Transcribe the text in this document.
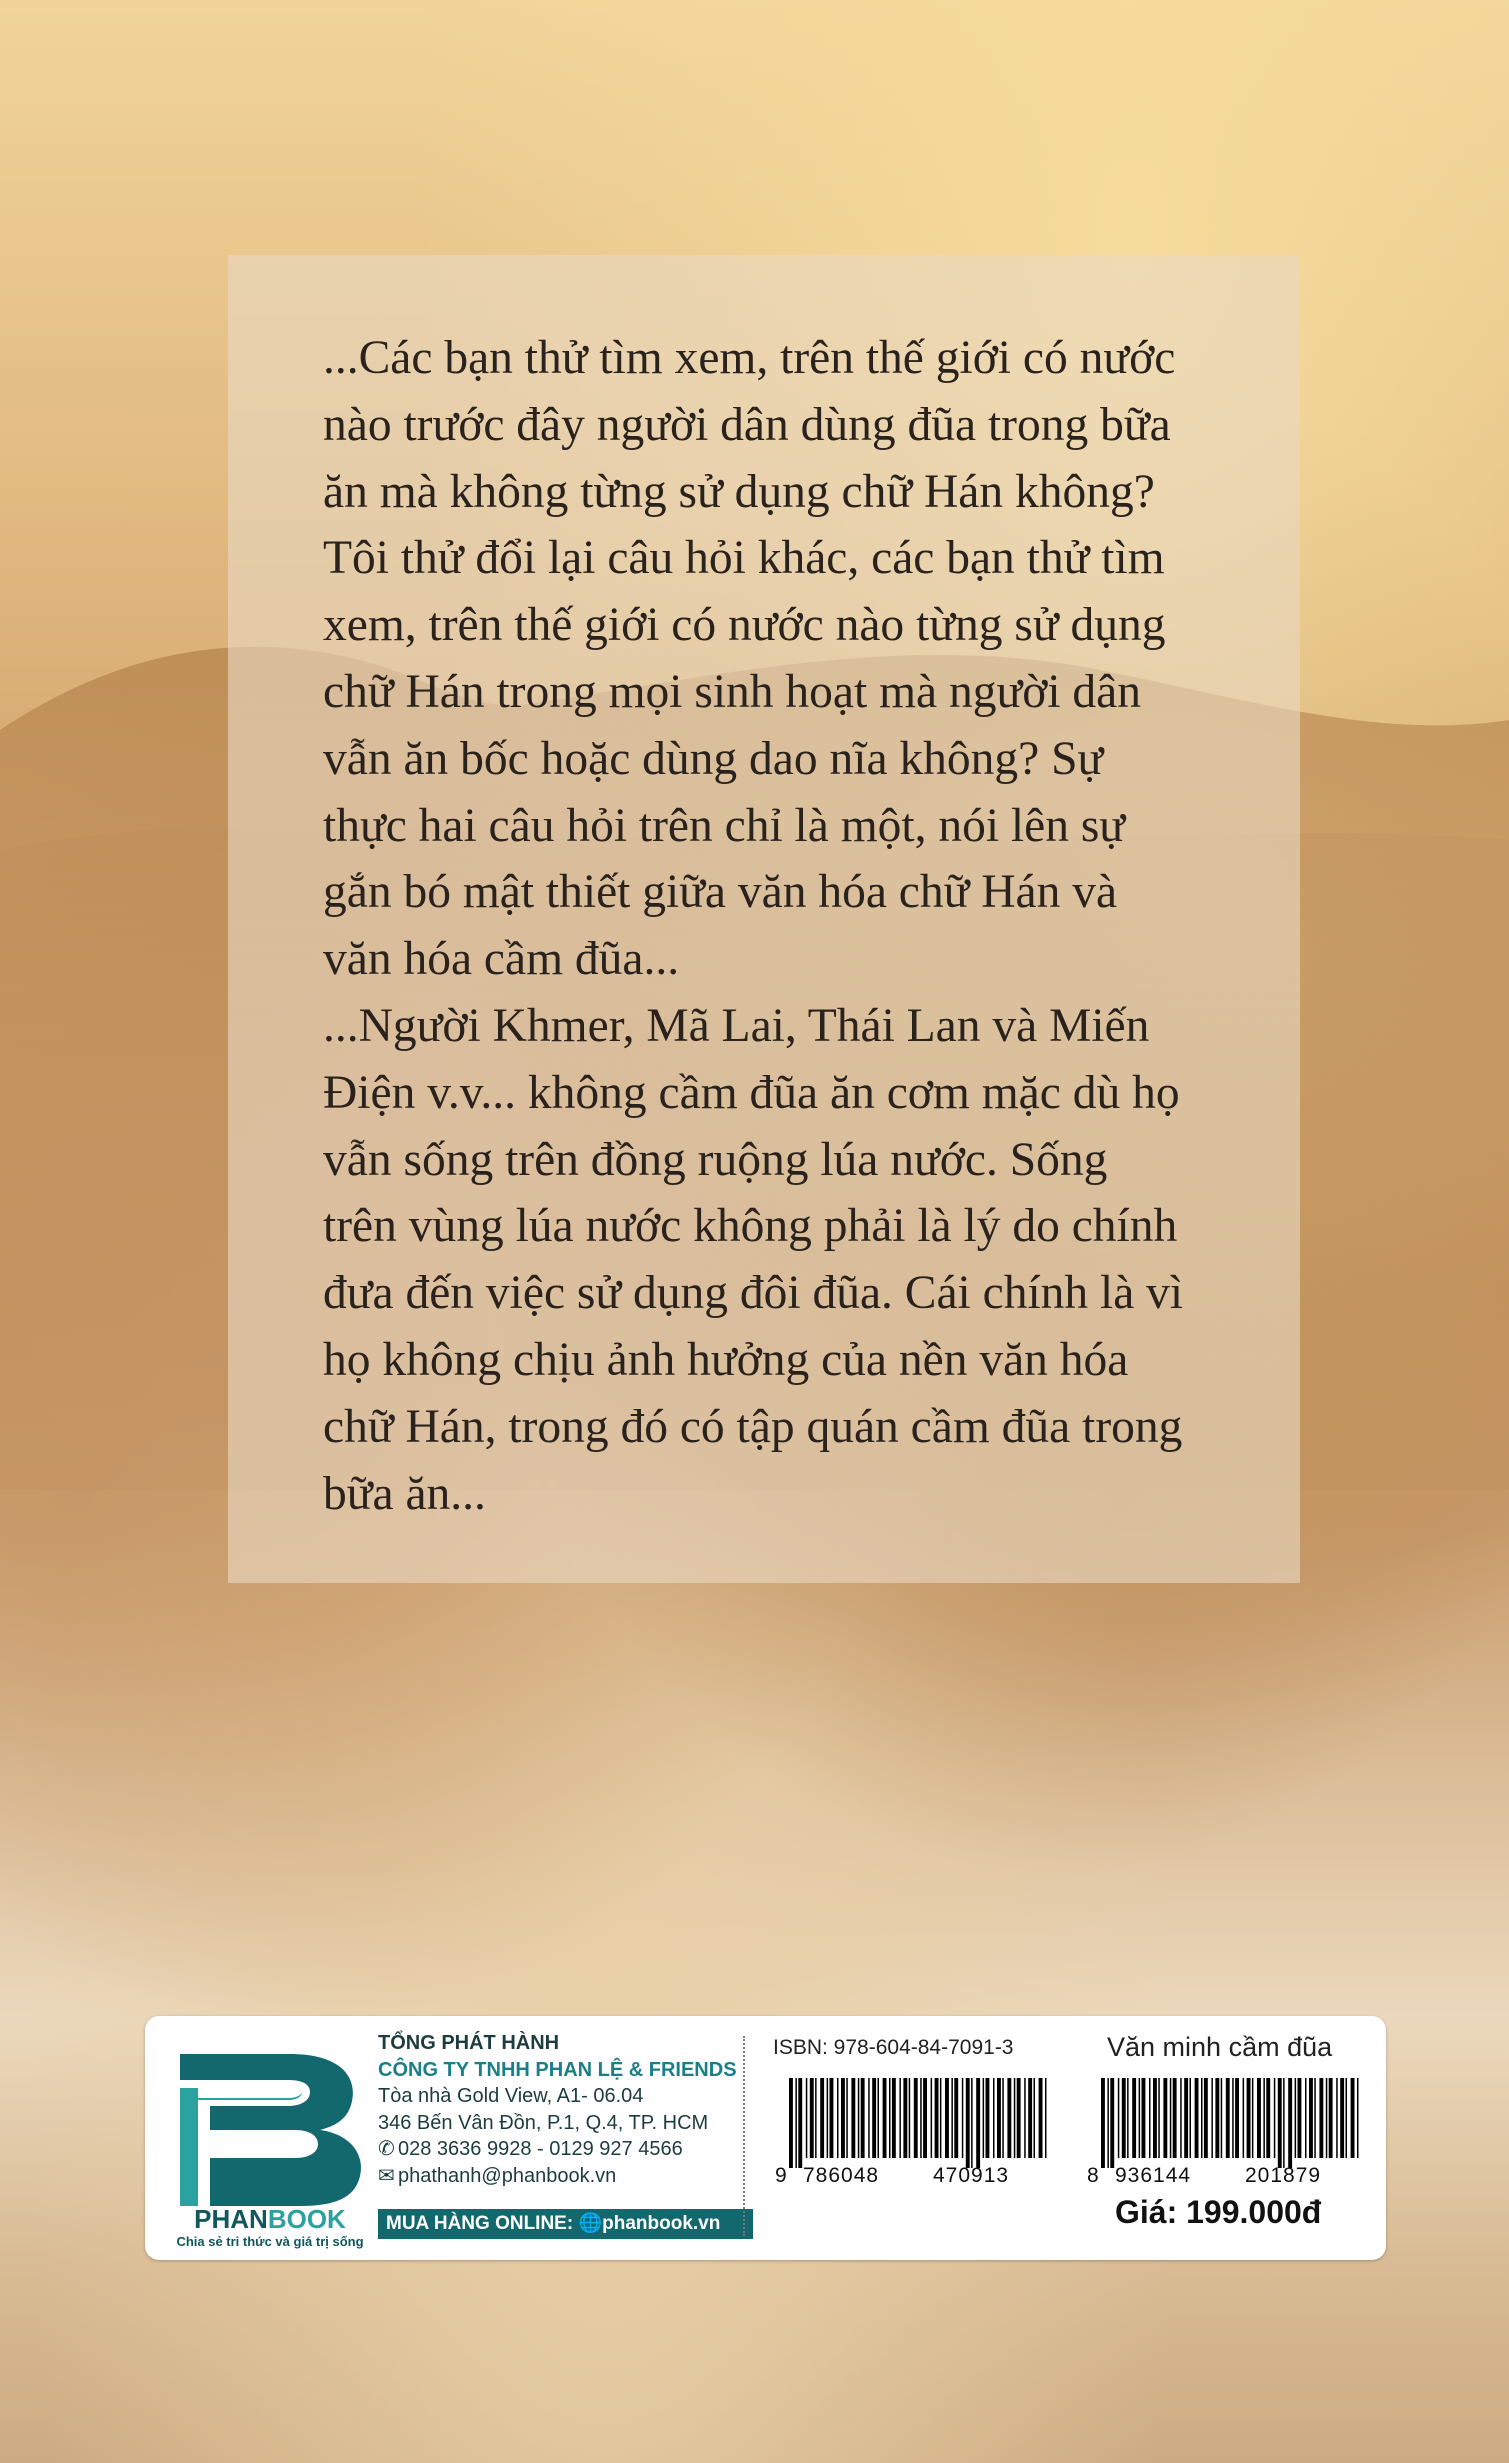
...Các bạn thử tìm xem, trên thế giới có nước
nào trước đây người dân dùng đũa trong bữa
ăn mà không từng sử dụng chữ Hán không?
Tôi thử đổi lại câu hỏi khác, các bạn thử tìm
xem, trên thế giới có nước nào từng sử dụng
chữ Hán trong mọi sinh hoạt mà người dân
vẫn ăn bốc hoặc dùng dao nĩa không? Sự
thực hai câu hỏi trên chỉ là một, nói lên sự
gắn bó mật thiết giữa văn hóa chữ Hán và
văn hóa cầm đũa...
...Người Khmer, Mã Lai, Thái Lan và Miến
Điện v.v... không cầm đũa ăn cơm mặc dù họ
vẫn sống trên đồng ruộng lúa nước. Sống
trên vùng lúa nước không phải là lý do chính
đưa đến việc sử dụng đôi đũa. Cái chính là vì
họ không chịu ảnh hưởng của nền văn hóa
chữ Hán, trong đó có tập quán cầm đũa trong
bữa ăn...

PHANBOOK
Chia sẻ tri thức và giá trị sống
TỔNG PHÁT HÀNH
CÔNG TY TNHH PHAN LỆ & FRIENDS
Tòa nhà Gold View, A1- 06.04
346 Bến Vân Đồn, P.1, Q.4, TP. HCM
✆ 028 3636 9928 - 0129 927 4566
✉ phathanh@phanbook.vn
MUA HÀNG ONLINE: 🌐phanbook.vn
ISBN: 978-604-84-7091-3	Văn minh cầm đũa
9 786048	470913	8 936144	201879
Giá: 199.000đ
